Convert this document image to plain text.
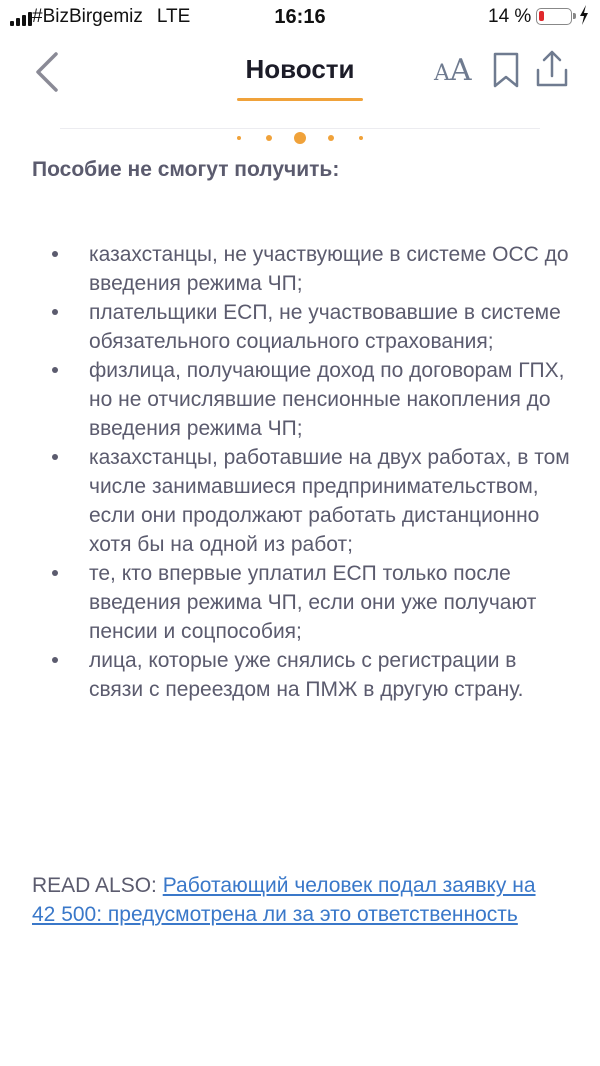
#BizBirgemiz LTE	16:16	14 %
Новости	AA
Пособие не смогут получить:
казахстанцы, не участвующие в системе ОСС до введения режима ЧП;
плательщики ЕСП, не участвовавшие в системе обязательного социального страхования;
физлица, получающие доход по договорам ГПХ, но не отчислявшие пенсионные накопления до введения режима ЧП;
казахстанцы, работавшие на двух работах, в том числе занимавшиеся предпринимательством, если они продолжают работать дистанционно хотя бы на одной из работ;
те, кто впервые уплатил ЕСП только после введения режима ЧП, если они уже получают пенсии и соцпособия;
лица, которые уже снялись с регистрации в связи с переездом на ПМЖ в другую страну.

READ ALSO: Работающий человек подал заявку на 42 500: предусмотрена ли за это ответственность
